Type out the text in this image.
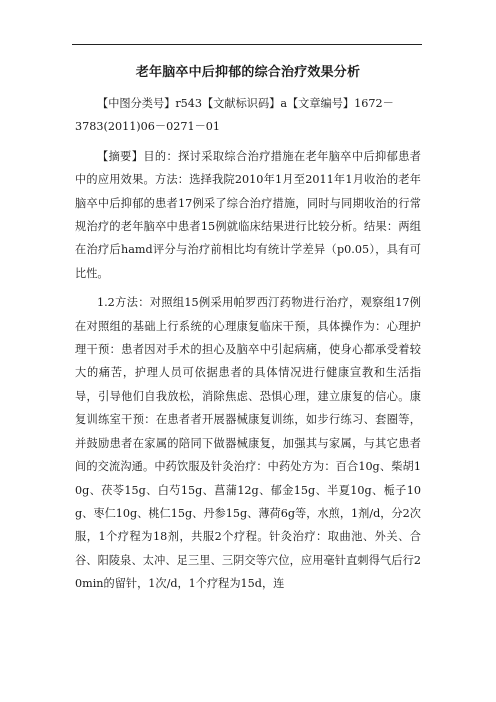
老年脑卒中后抑郁的综合治疗效果分析

【中图分类号】r543【文献标识码】a【文章编号】1672－

3783(2011)06－0271－01

【摘要】目的：探讨采取综合治疗措施在老年脑卒中后抑郁患者中的应用效果。方法：选择我院2010年1月至2011年1月收治的老年脑卒中后抑郁的患者17例采了综合治疗措施，同时与同期收治的行常规治疗的老年脑卒中患者15例就临床结果进行比较分析。结果：两组在治疗后hamd评分与治疗前相比均有统计学差异（p0.05），具有可比性。

1.2方法：对照组15例采用帕罗西汀药物进行治疗，观察组17例在对照组的基础上行系统的心理康复临床干预，具体操作为：心理护理干预：患者因对手术的担心及脑卒中引起病痛，使身心都承受着较大的痛苦，护理人员可依据患者的具体情况进行健康宣教和生活指导，引导他们自我放松，消除焦虑、恐惧心理，建立康复的信心。康复训练室干预：在患者者开展器械康复训练，如步行练习、套圈等，并鼓励患者在家属的陪同下做器械康复，加强其与家属，与其它患者间的交流沟通。中药饮服及针灸治疗：中药处方为：百合10g、柴胡10g、茯苓15g、白芍15g、菖蒲12g、郁金15g、半夏10g、栀子10g、枣仁10g、桃仁15g、丹参15g、薄荷6g等，水煎，1剂/d，分2次服，1个疗程为18剂，共服2个疗程。针灸治疗：取曲池、外关、合谷、阳陵泉、太冲、足三里、三阴交等穴位，应用毫针直刺得气后行20min的留针，1次/d，1个疗程为15d，连
